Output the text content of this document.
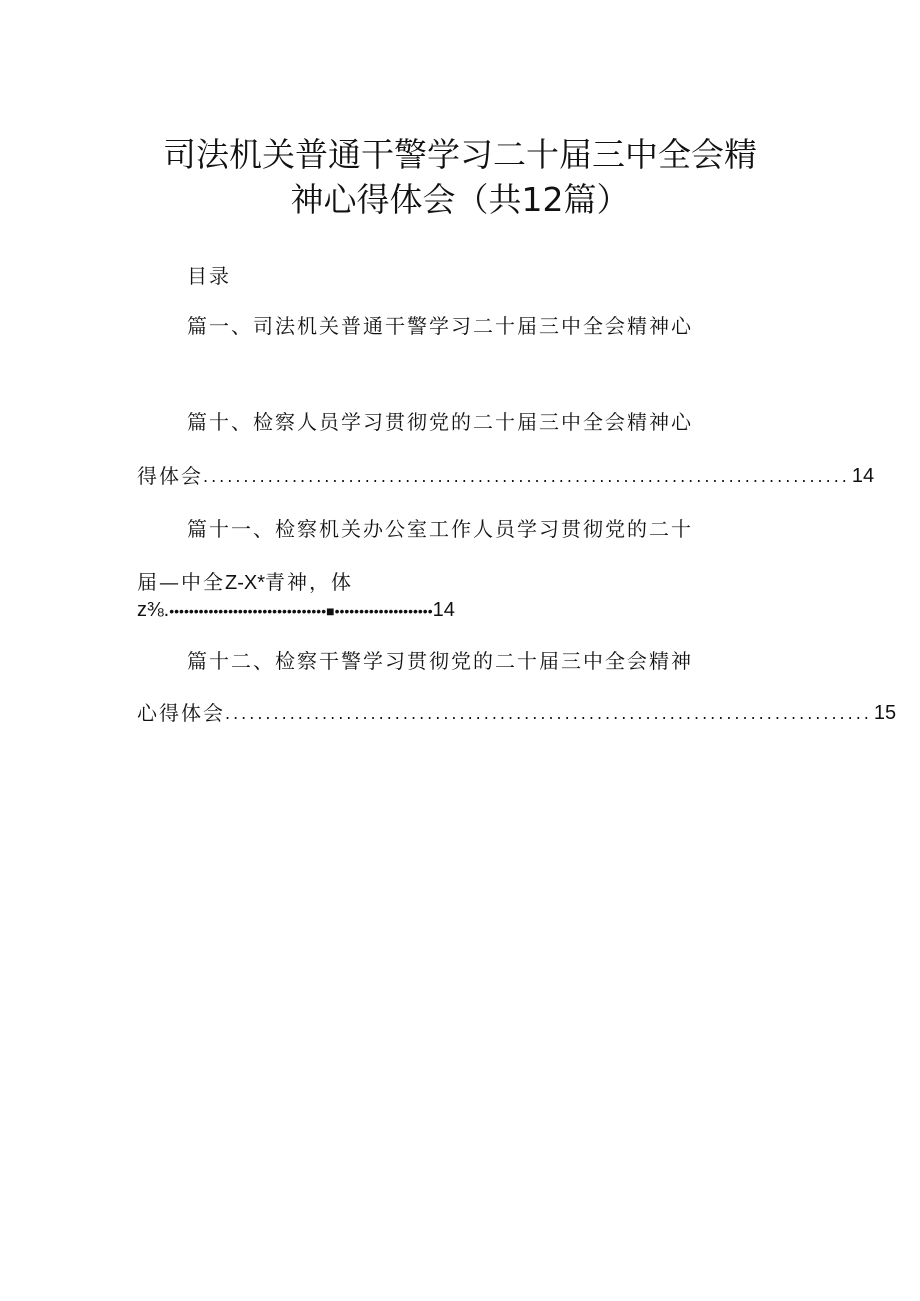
司法机关普通干警学习二十届三中全会精
神心得体会（共12篇）
目录
篇一、司法机关普通干警学习二十届三中全会精神心
篇十、检察人员学习贯彻党的二十届三中全会精神心
得体会 ................................................................................ 14
篇十一、检察机关办公室工作人员学习贯彻党的二十
届—中全Z-X*青神，体
z⅜.••••••••••••••••••••••••••••••••■••••••••••••••••••••14
篇十二、检察干警学习贯彻党的二十届三中全会精神
心得体会 ................................................................................ 15
